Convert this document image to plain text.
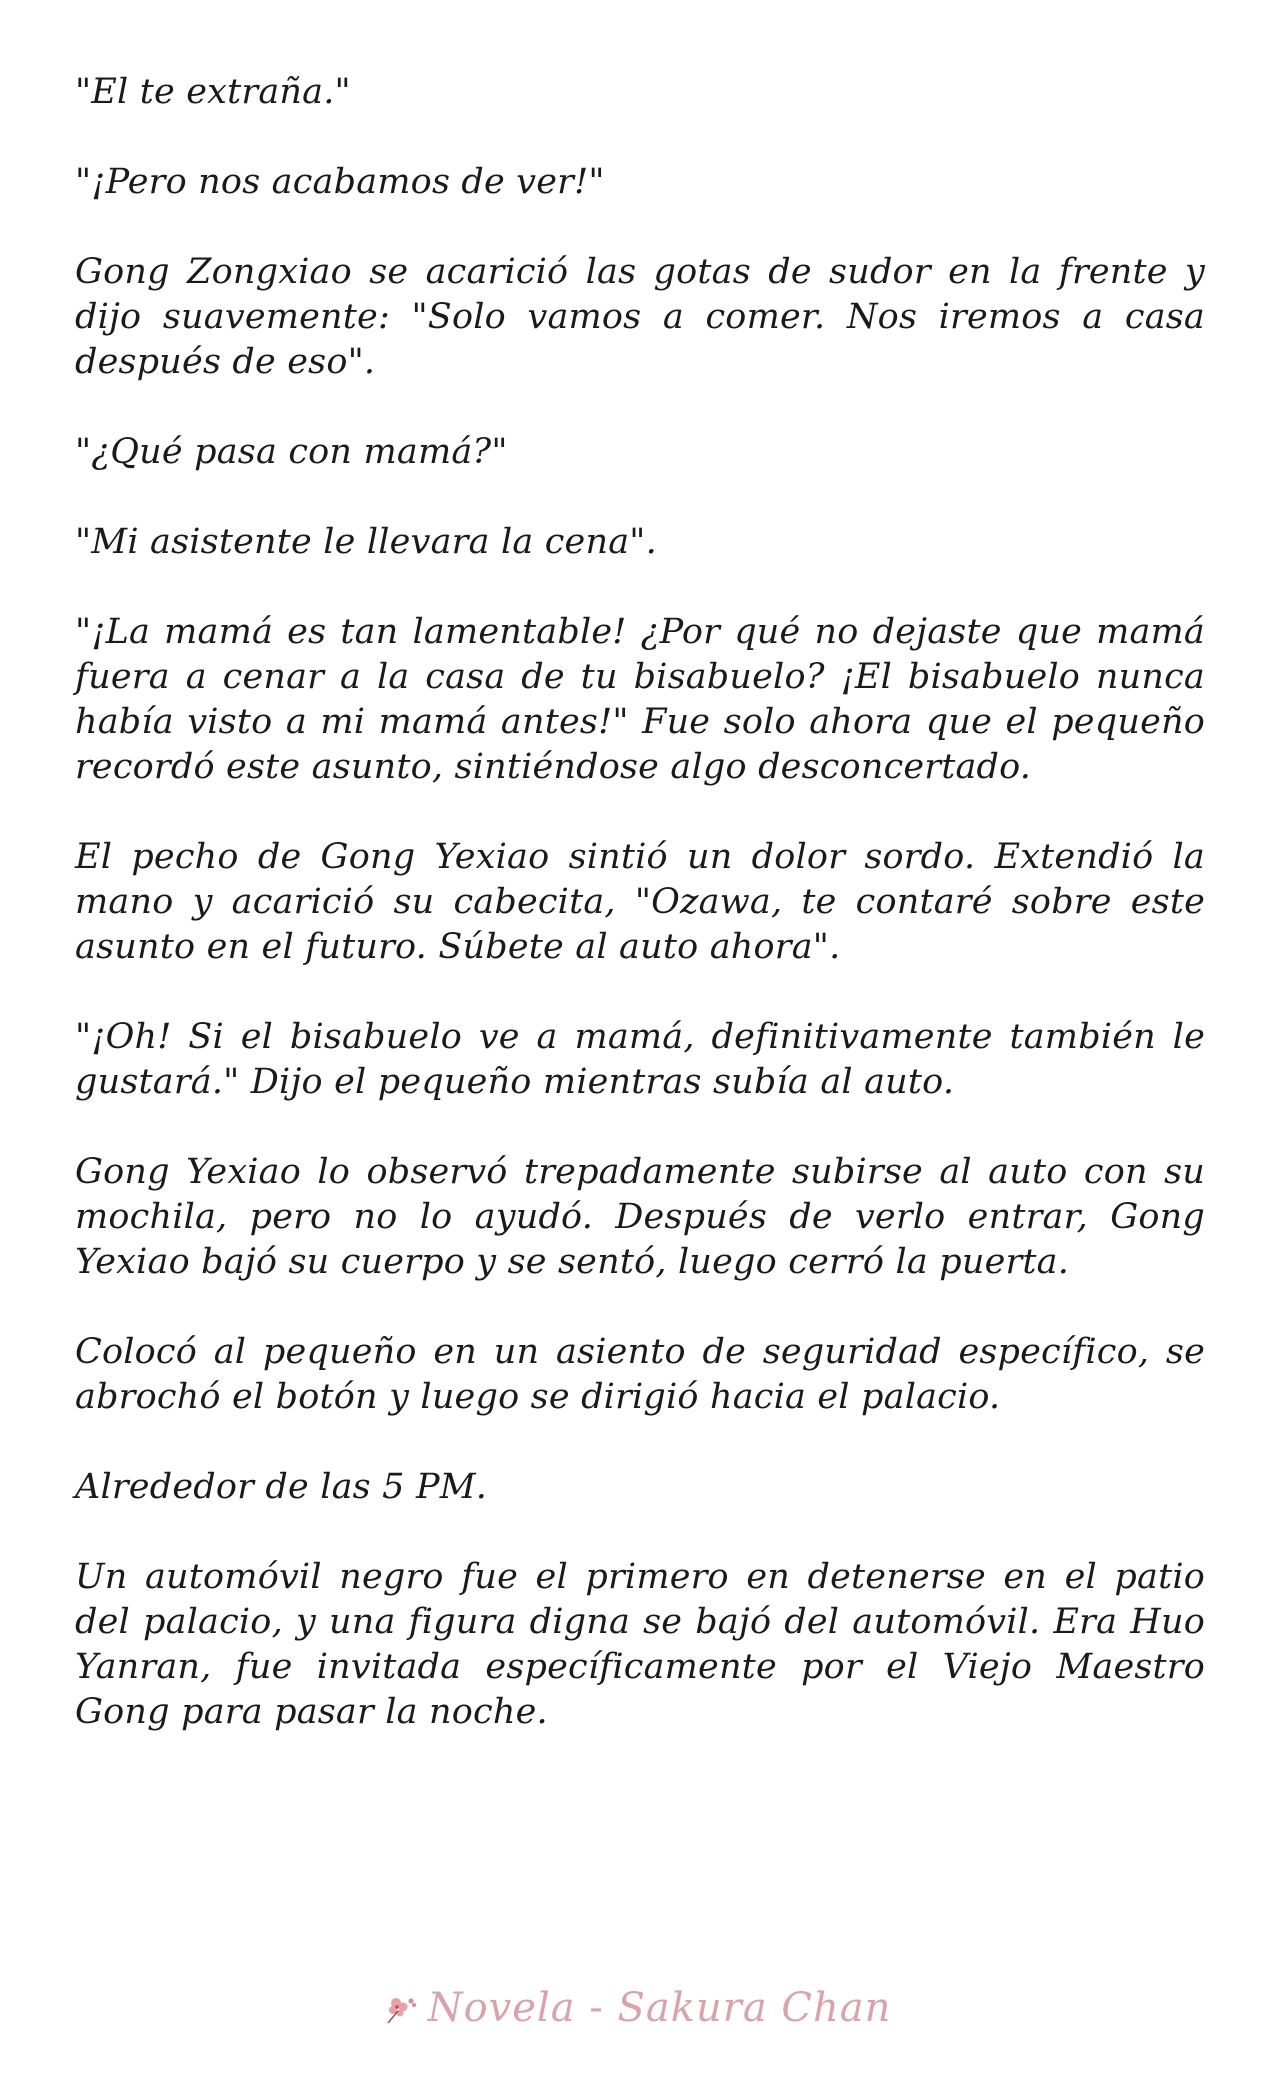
"El te extraña."

"¡Pero nos acabamos de ver!"

Gong Zongxiao se acarició las gotas de sudor en la frente y dijo suavemente: "Solo vamos a comer. Nos iremos a casa después de eso".

"¿Qué pasa con mamá?"

"Mi asistente le llevara la cena".

"¡La mamá es tan lamentable! ¿Por qué no dejaste que mamá fuera a cenar a la casa de tu bisabuelo? ¡El bisabuelo nunca había visto a mi mamá antes!" Fue solo ahora que el pequeño recordó este asunto, sintiéndose algo desconcertado.

El pecho de Gong Yexiao sintió un dolor sordo. Extendió la mano y acarició su cabecita, "Ozawa, te contaré sobre este asunto en el futuro. Súbete al auto ahora".

"¡Oh! Si el bisabuelo ve a mamá, definitivamente también le gustará." Dijo el pequeño mientras subía al auto.

Gong Yexiao lo observó trepadamente subirse al auto con su mochila, pero no lo ayudó. Después de verlo entrar, Gong Yexiao bajó su cuerpo y se sentó, luego cerró la puerta.

Colocó al pequeño en un asiento de seguridad específico, se abrochó el botón y luego se dirigió hacia el palacio.

Alrededor de las 5 PM.

Un automóvil negro fue el primero en detenerse en el patio del palacio, y una figura digna se bajó del automóvil. Era Huo Yanran, fue invitada específicamente por el Viejo Maestro Gong para pasar la noche.

Novela - Sakura Chan
